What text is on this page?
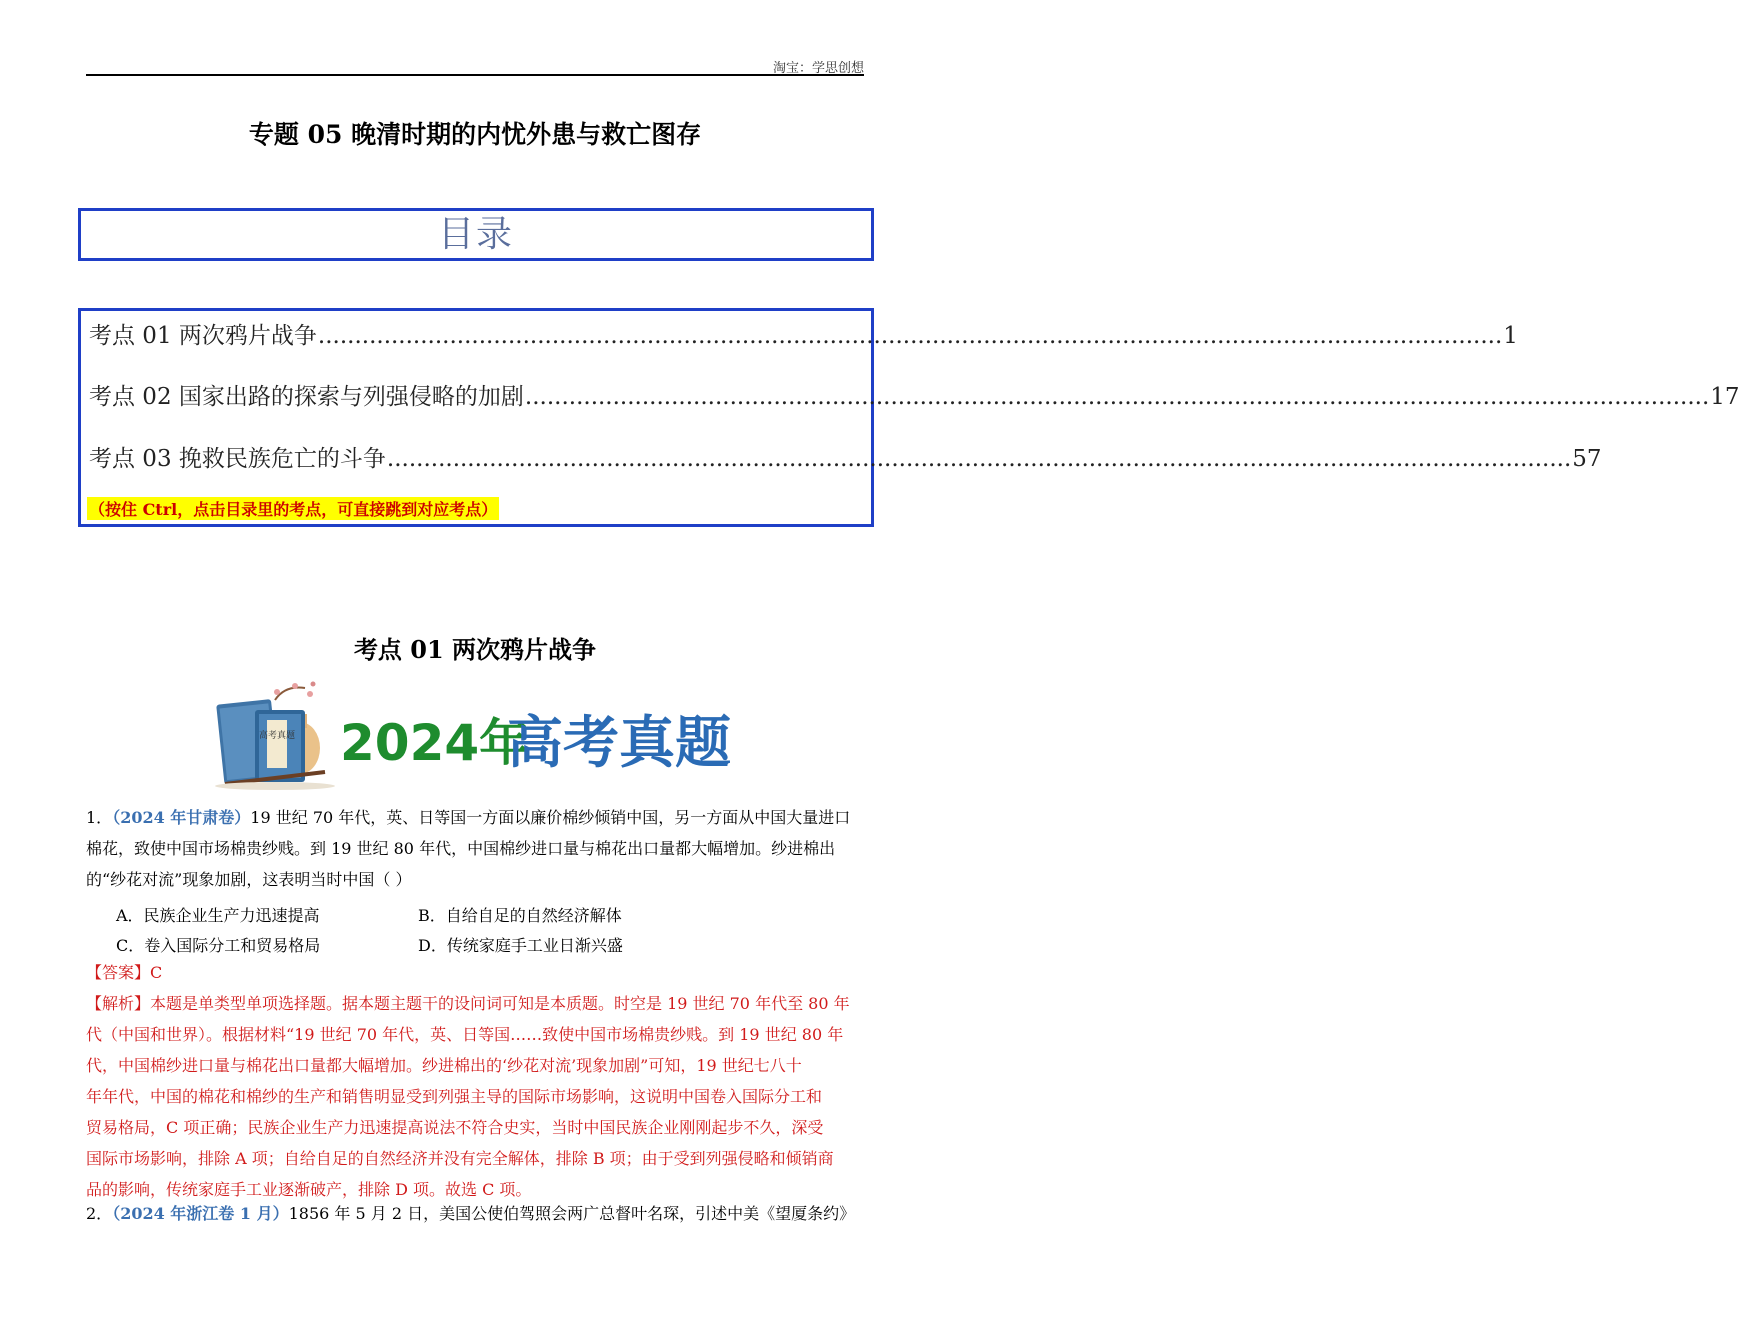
淘宝：学思创想
专题 05 晚清时期的内忧外患与救亡图存
目录
考点 01 两次鸦片战争 .................................................................................................................................................................. 1
考点 02 国家出路的探索与列强侵略的加剧 .................................................................................................................................................................. 17
考点 03 挽救民族危亡的斗争 .................................................................................................................................................................. 57
（按住 Ctrl，点击目录里的考点，可直接跳到对应考点）
考点 01 两次鸦片战争
高考真题 2024年
高考真题
1．（2024 年甘肃卷）19 世纪 70 年代，英、日等国一方面以廉价棉纱倾销中国，另一方面从中国大量进口
棉花，致使中国市场棉贵纱贱。到 19 世纪 80 年代，中国棉纱进口量与棉花出口量都大幅增加。纱进棉出
的“纱花对流”现象加剧，这表明当时中国（ ）
A．民族企业生产力迅速提高	B．自给自足的自然经济解体
C．卷入国际分工和贸易格局	D．传统家庭手工业日渐兴盛
【答案】C
【解析】本题是单类型单项选择题。据本题主题干的设问词可知是本质题。时空是 19 世纪 70 年代至 80 年
代（中国和世界）。根据材料“19 世纪 70 年代，英、日等国……致使中国市场棉贵纱贱。到 19 世纪 80 年
代，中国棉纱进口量与棉花出口量都大幅增加。纱进棉出的‘纱花对流’现象加剧”可知，19 世纪七八十
年年代，中国的棉花和棉纱的生产和销售明显受到列强主导的国际市场影响，这说明中国卷入国际分工和
贸易格局，C 项正确；民族企业生产力迅速提高说法不符合史实，当时中国民族企业刚刚起步不久，深受
国际市场影响，排除 A 项；自给自足的自然经济并没有完全解体，排除 B 项；由于受到列强侵略和倾销商
品的影响，传统家庭手工业逐渐破产，排除 D 项。故选 C 项。
2．（2024 年浙江卷 1 月）1856 年 5 月 2 日，美国公使伯驾照会两广总督叶名琛，引述中美《望厦条约》
